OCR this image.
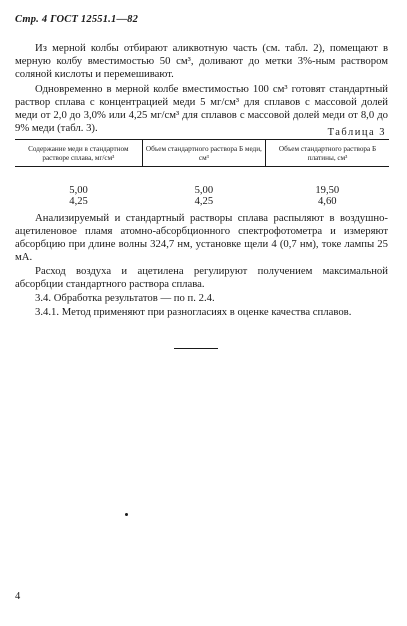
Стр. 4 ГОСТ 12551.1—82
Из мерной колбы отбирают аликвотную часть (см. табл. 2), помещают в мерную колбу вместимостью 50 см³, доливают до метки 3%-ным раствором соляной кислоты и перемешивают.
Одновременно в мерной колбе вместимостью 100 см³ готовят стандартный раствор сплава с концентрацией меди 5 мг/см³ для сплавов с массовой долей меди от 2,0 до 3,0% или 4,25 мг/см³ для сплавов с массовой долей меди от 8,0 до 9% меди (табл. 3).	Таблица 3
Содержание меди в стандартном растворе сплава, мг/см³	Объем стандартного раствора Б меди, см³	Объем стандартного раствора Б платины, см³

5,00	5,00	19,50
4,25	4,25	4,60
Анализируемый и стандартный растворы сплава распыляют в воздушно-ацетиленовое пламя атомно-абсорбционного спектрофотометра и измеряют абсорбцию при длине волны 324,7 нм, установке щели 4 (0,7 нм), токе лампы 25 мА.
Расход воздуха и ацетилена регулируют получением максимальной абсорбции стандартного раствора сплава.
3.4. Обработка результатов — по п. 2.4.
3.4.1. Метод применяют при разногласиях в оценке качества сплавов.
4
